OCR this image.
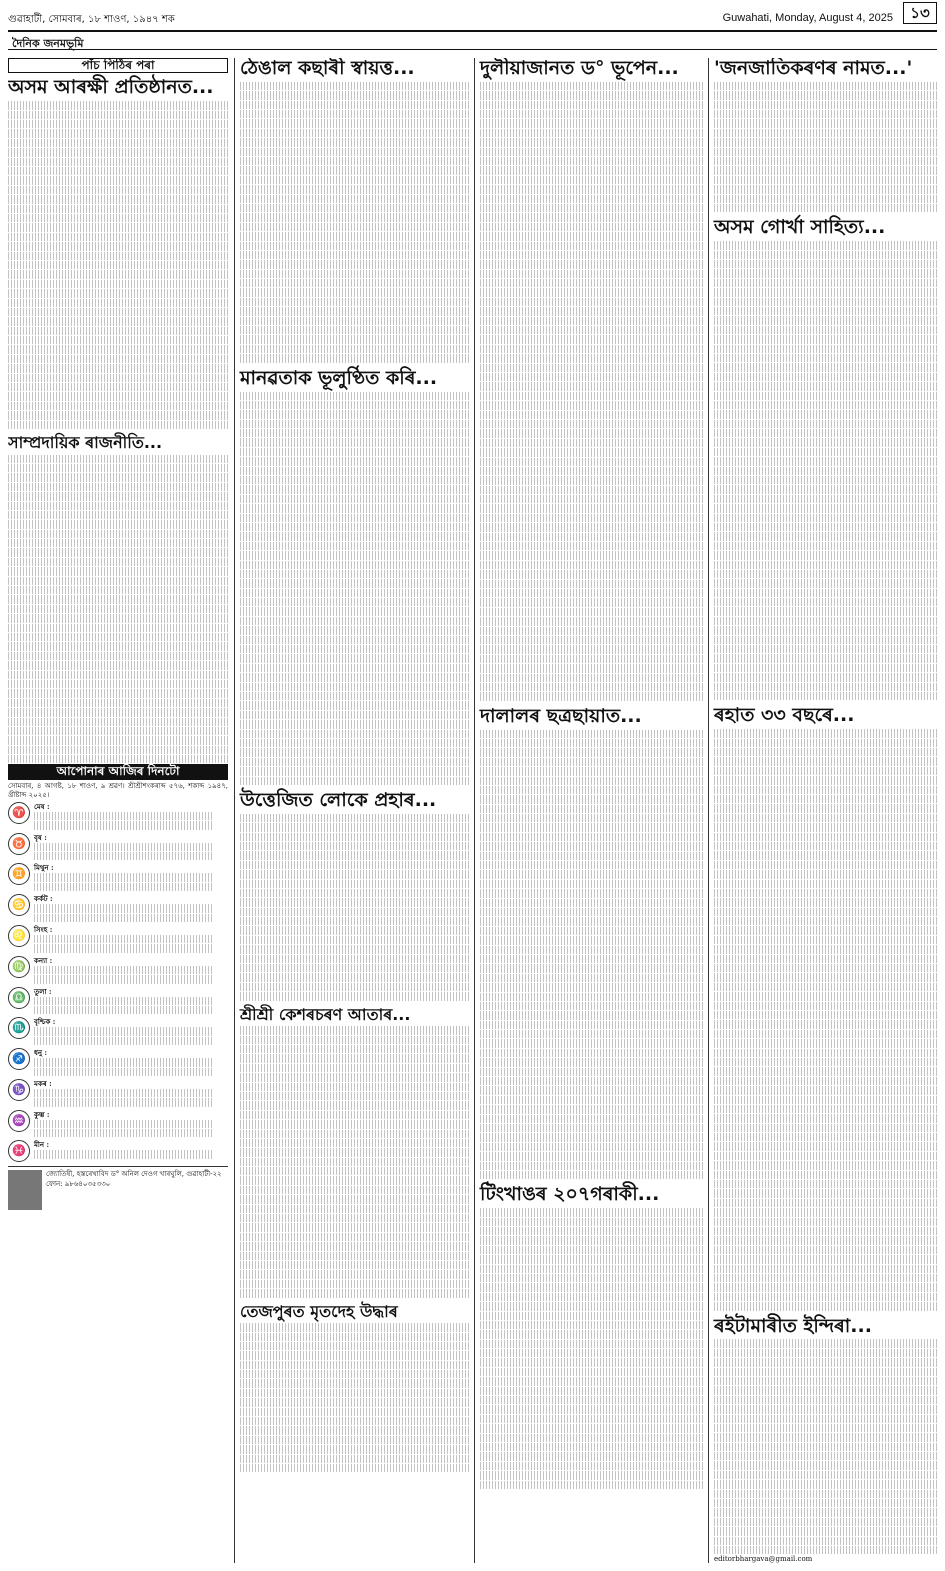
গুৱাহাটী, সোমবাৰ, ১৮ শাওণ, ১৯৪৭ শক	Guwahati, Monday, August 4, 2025	১৩
দৈনিক জনমভূমি
পাঁচ পিঠিৰ পৰা
অসম আৰক্ষী প্ৰতিষ্ঠানত...
সাম্প্ৰদায়িক ৰাজনীতি...
আপোনাৰ আজিৰ দিনটো
সোমবাৰ, ৪ আগষ্ট, ১৮ শাওণ, ৯ শ্ৰৱণ। শ্ৰীশ্ৰীশংকৰাব্দ ৫৭৬, শকাব্দ ১৯৪৭, খ্ৰীষ্টাব্দ ২০২৫।
♈	মেষ :
♉	বৃষ :
♊	মিথুন :
♋	কৰ্কট :
♌	সিংহ :
♍	কন্যা :
♎	তুলা :
♏	বৃশ্চিক :
♐	ধনু :
♑	মকৰ :
♒	কুম্ভ :
♓	মীন :
জ্যোতিষী, হস্তৰেখাবিদ ড° অনিল দেওগ খাৰঘুলি, গুৱাহাটী-২২
ফোন: ৯৮৬৪০৩৫৩৩০
ঠেঙাল কছাৰী স্বায়ত্ত...
মানৱতাক ভূলুণ্ঠিত কৰি...
উত্তেজিত লোকে প্ৰহাৰ...
শ্ৰীশ্ৰী কেশৰচৰণ আতাৰ...
তেজপুৰত মৃতদেহ উদ্ধাৰ
দুলীয়াজানত ড° ভূপেন...
দালালৰ ছত্ৰছায়াত...
টিংখাঙৰ ২০৭গৰাকী...
'জনজাতিকৰণৰ নামত...'
অসম গোৰ্খা সাহিত্য...
ৰহাত ৩৩ বছৰে...
ৰইটামাৰীত ইন্দিৰা...
editorbhargava@gmail.com
